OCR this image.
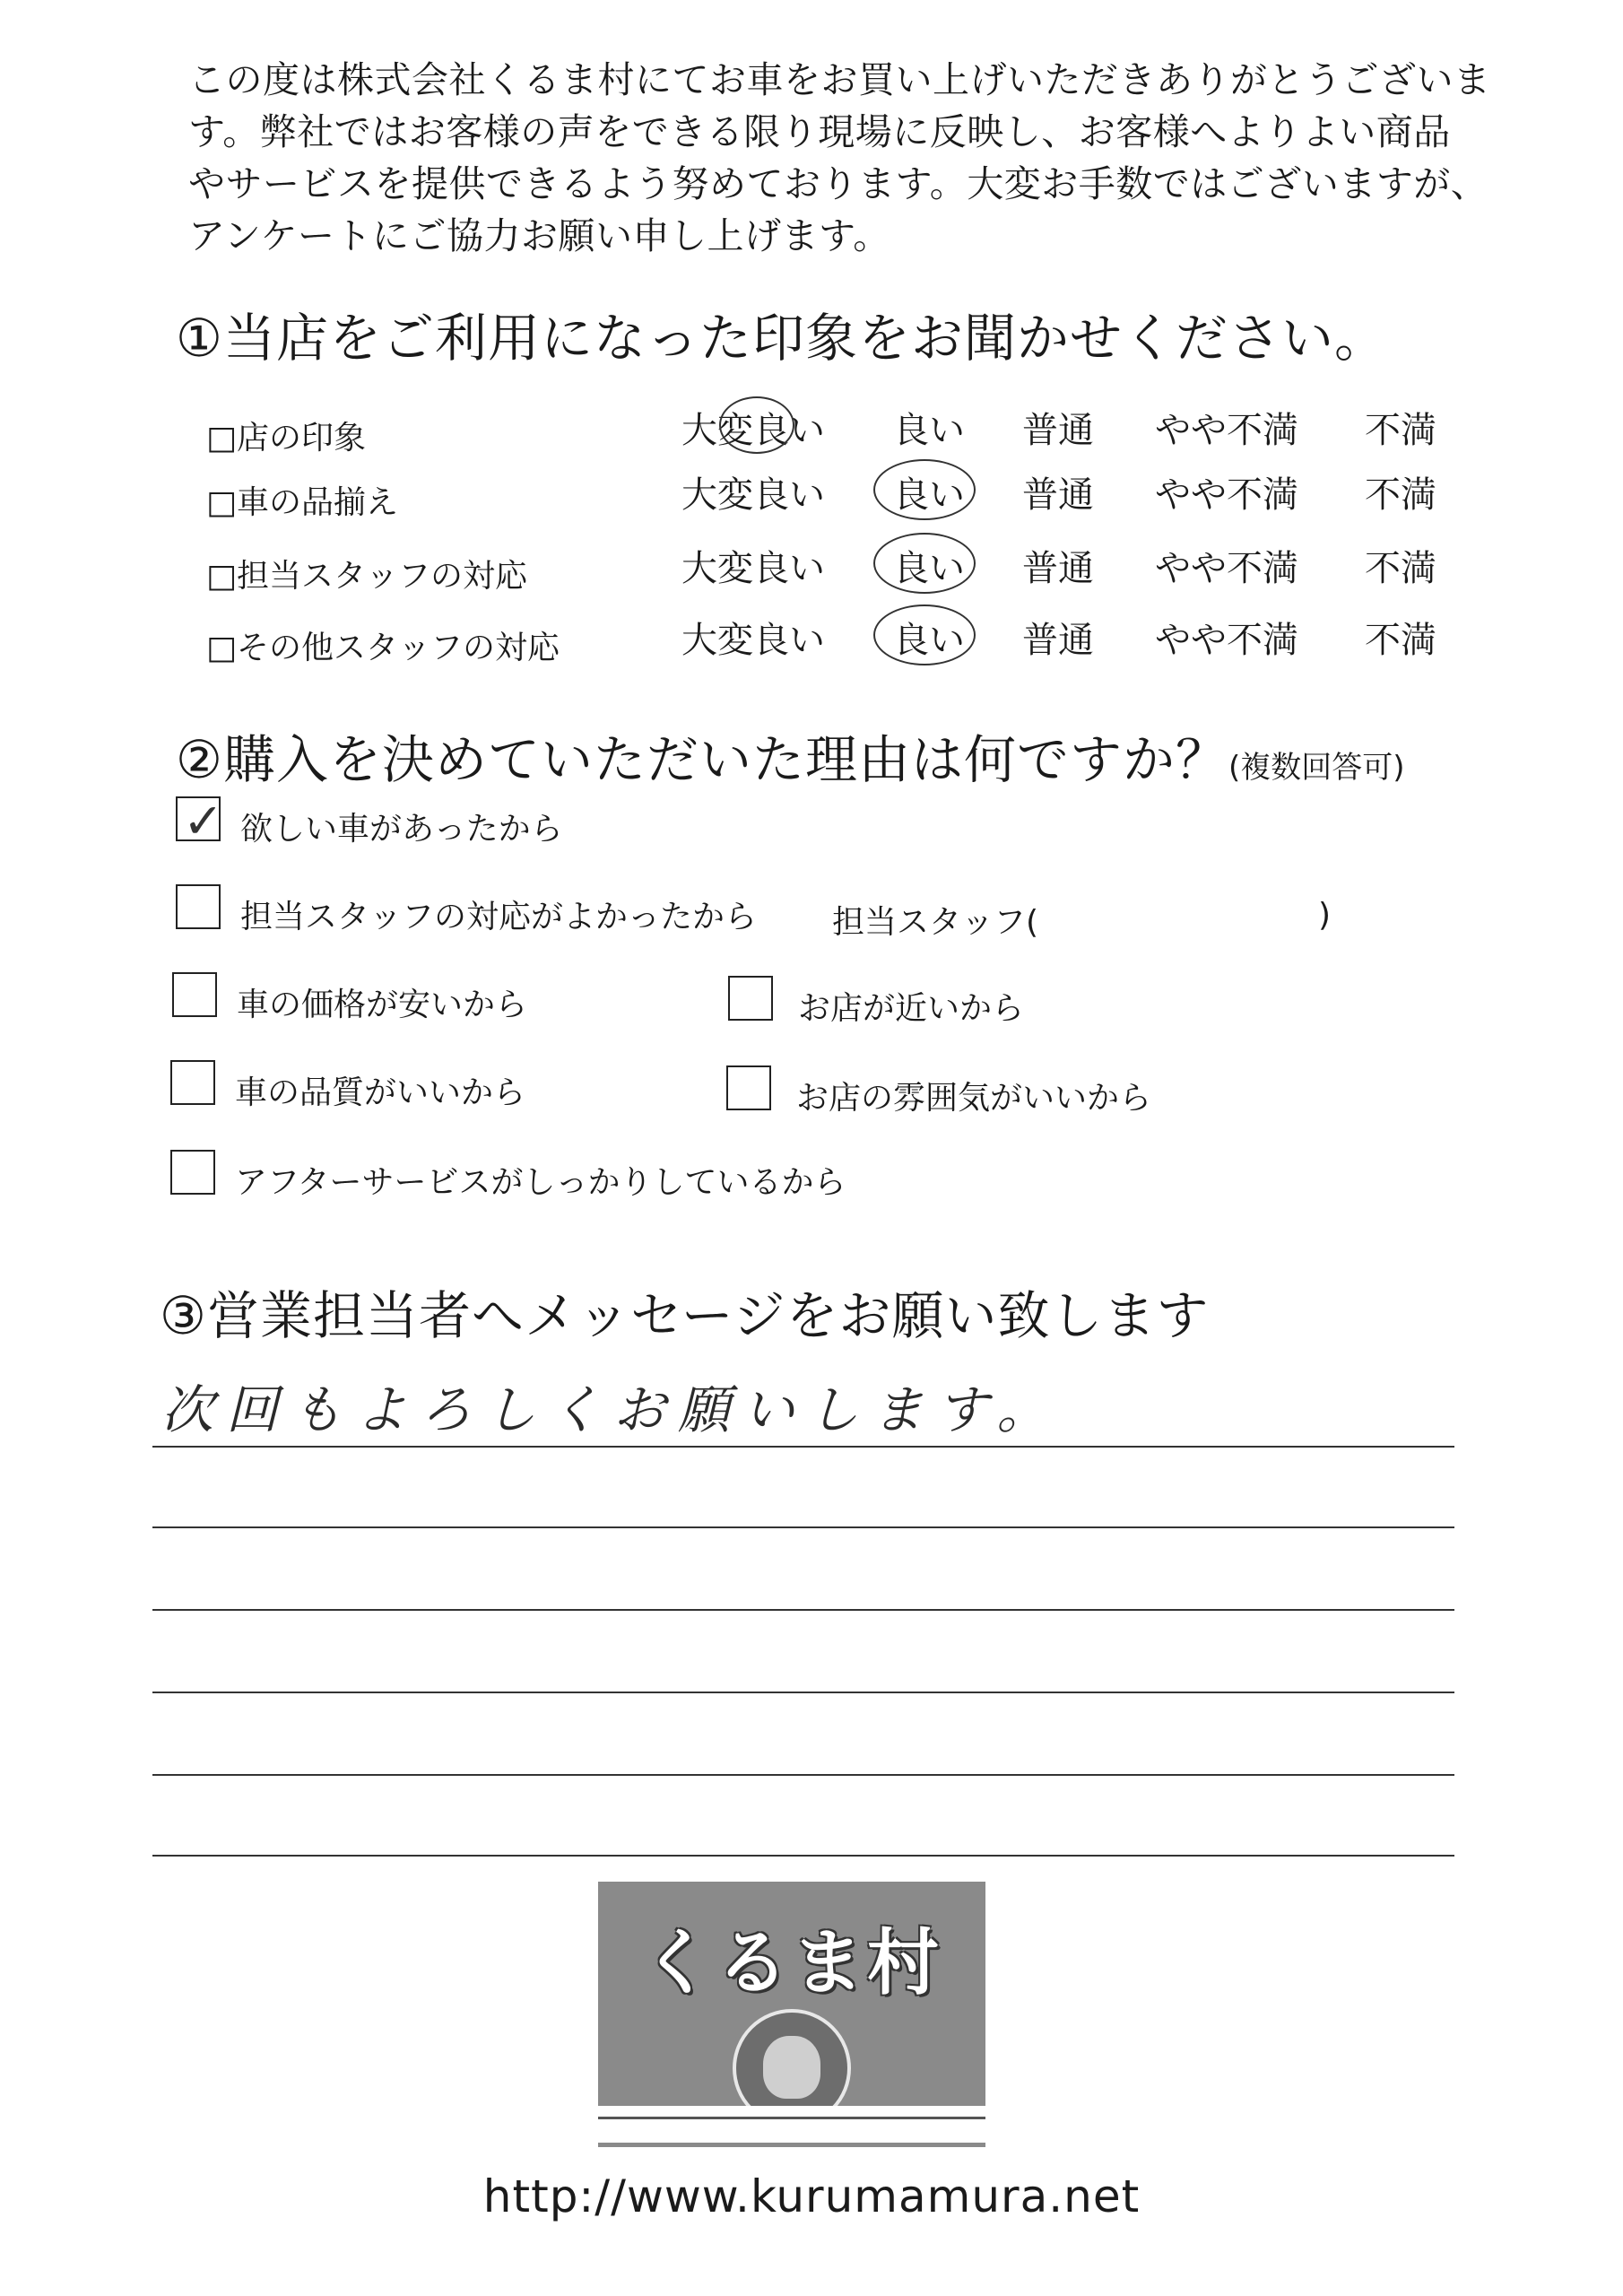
この度は株式会社くるま村にてお車をお買い上げいただきありがとうございま
す。弊社ではお客様の声をできる限り現場に反映し、お客様へよりよい商品
やサービスを提供できるよう努めております。大変お手数ではございますが、
アンケートにご協力お願い申し上げます。
①当店をご利用になった印象をお聞かせください。
□店の印象	大変良い 良い 普通 やや不満 不満
□車の品揃え	大変良い 良い 普通 やや不満 不満
□担当スタッフの対応	大変良い 良い 普通 やや不満 不満
□その他スタッフの対応	大変良い 良い 普通 やや不満 不満
②購入を決めていただいた理由は何ですか？(複数回答可)
✓ 欲しい車があったから
担当スタッフの対応がよかったから 担当スタッフ(	)
車の価格が安いから	お店が近いから
車の品質がいいから	お店の雰囲気がいいから
アフターサービスがしっかりしているから
③営業担当者へメッセージをお願い致します
次回もよろしくお願いします。
くるま村
http://www.kurumamura.net
